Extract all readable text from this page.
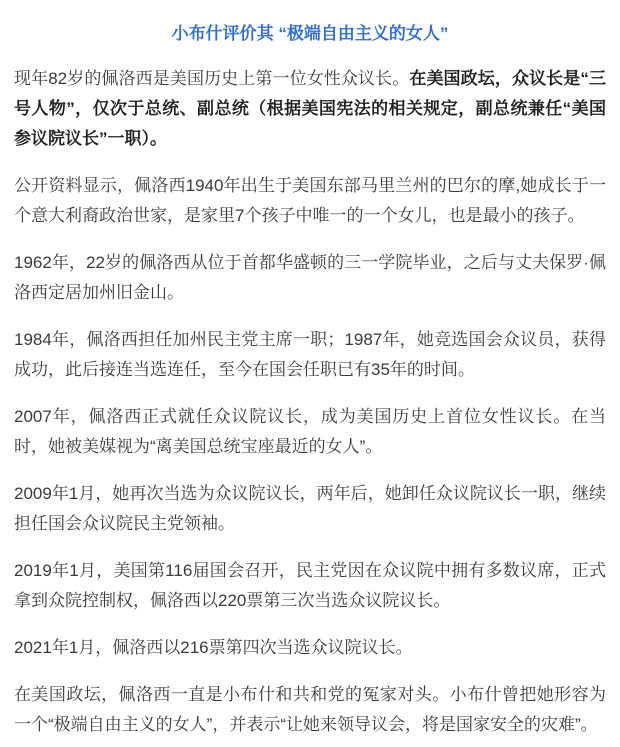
小布什评价其 “极端自由主义的女人”

现年82岁的佩洛西是美国历史上第一位女性众议长。在美国政坛，众议长是“三号人物”，仅次于总统、副总统（根据美国宪法的相关规定，副总统兼任“美国参议院议长”一职）。

公开资料显示，佩洛西1940年出生于美国东部马里兰州的巴尔的摩,她成长于一个意大利裔政治世家，是家里7个孩子中唯一的一个女儿，也是最小的孩子。

1962年，22岁的佩洛西从位于首都华盛顿的三一学院毕业，之后与丈夫保罗·佩洛西定居加州旧金山。

1984年，佩洛西担任加州民主党主席一职；1987年，她竞选国会众议员，获得成功，此后接连当选连任，至今在国会任职已有35年的时间。

2007年，佩洛西正式就任众议院议长，成为美国历史上首位女性议长。在当时，她被美媒视为“离美国总统宝座最近的女人”。

2009年1月，她再次当选为众议院议长，两年后，她卸任众议院议长一职，继续担任国会众议院民主党领袖。

2019年1月，美国第116届国会召开，民主党因在众议院中拥有多数议席，正式拿到众院控制权，佩洛西以220票第三次当选众议院议长。

2021年1月，佩洛西以216票第四次当选众议院议长。

在美国政坛，佩洛西一直是小布什和共和党的冤家对头。小布什曾把她形容为一个“极端自由主义的女人”，并表示“让她来领导议会，将是国家安全的灾难”。
